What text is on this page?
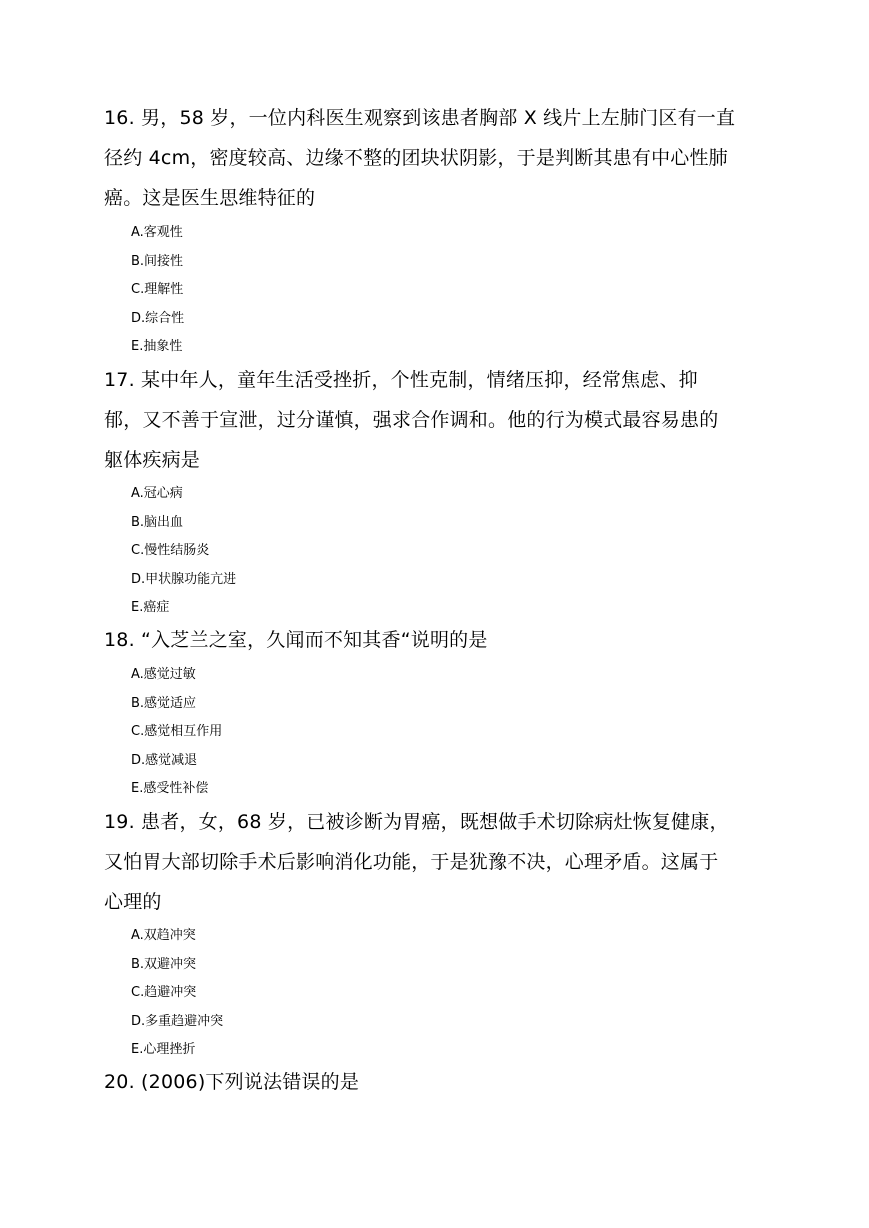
16. 男，58 岁，一位内科医生观察到该患者胸部 X 线片上左肺门区有一直
径约 4cm，密度较高、边缘不整的团块状阴影，于是判断其患有中心性肺
癌。这是医生思维特征的
A.客观性
B.间接性
C.理解性
D.综合性
E.抽象性
17. 某中年人，童年生活受挫折，个性克制，情绪压抑，经常焦虑、抑
郁，又不善于宣泄，过分谨慎，强求合作调和。他的行为模式最容易患的
躯体疾病是
A.冠心病
B.脑出血
C.慢性结肠炎
D.甲状腺功能亢进
E.癌症
18. “入芝兰之室，久闻而不知其香“说明的是
A.感觉过敏
B.感觉适应
C.感觉相互作用
D.感觉减退
E.感受性补偿
19. 患者，女，68 岁，已被诊断为胃癌，既想做手术切除病灶恢复健康，
又怕胃大部切除手术后影响消化功能，于是犹豫不决，心理矛盾。这属于
心理的
A.双趋冲突
B.双避冲突
C.趋避冲突
D.多重趋避冲突
E.心理挫折
20. (2006)下列说法错误的是
